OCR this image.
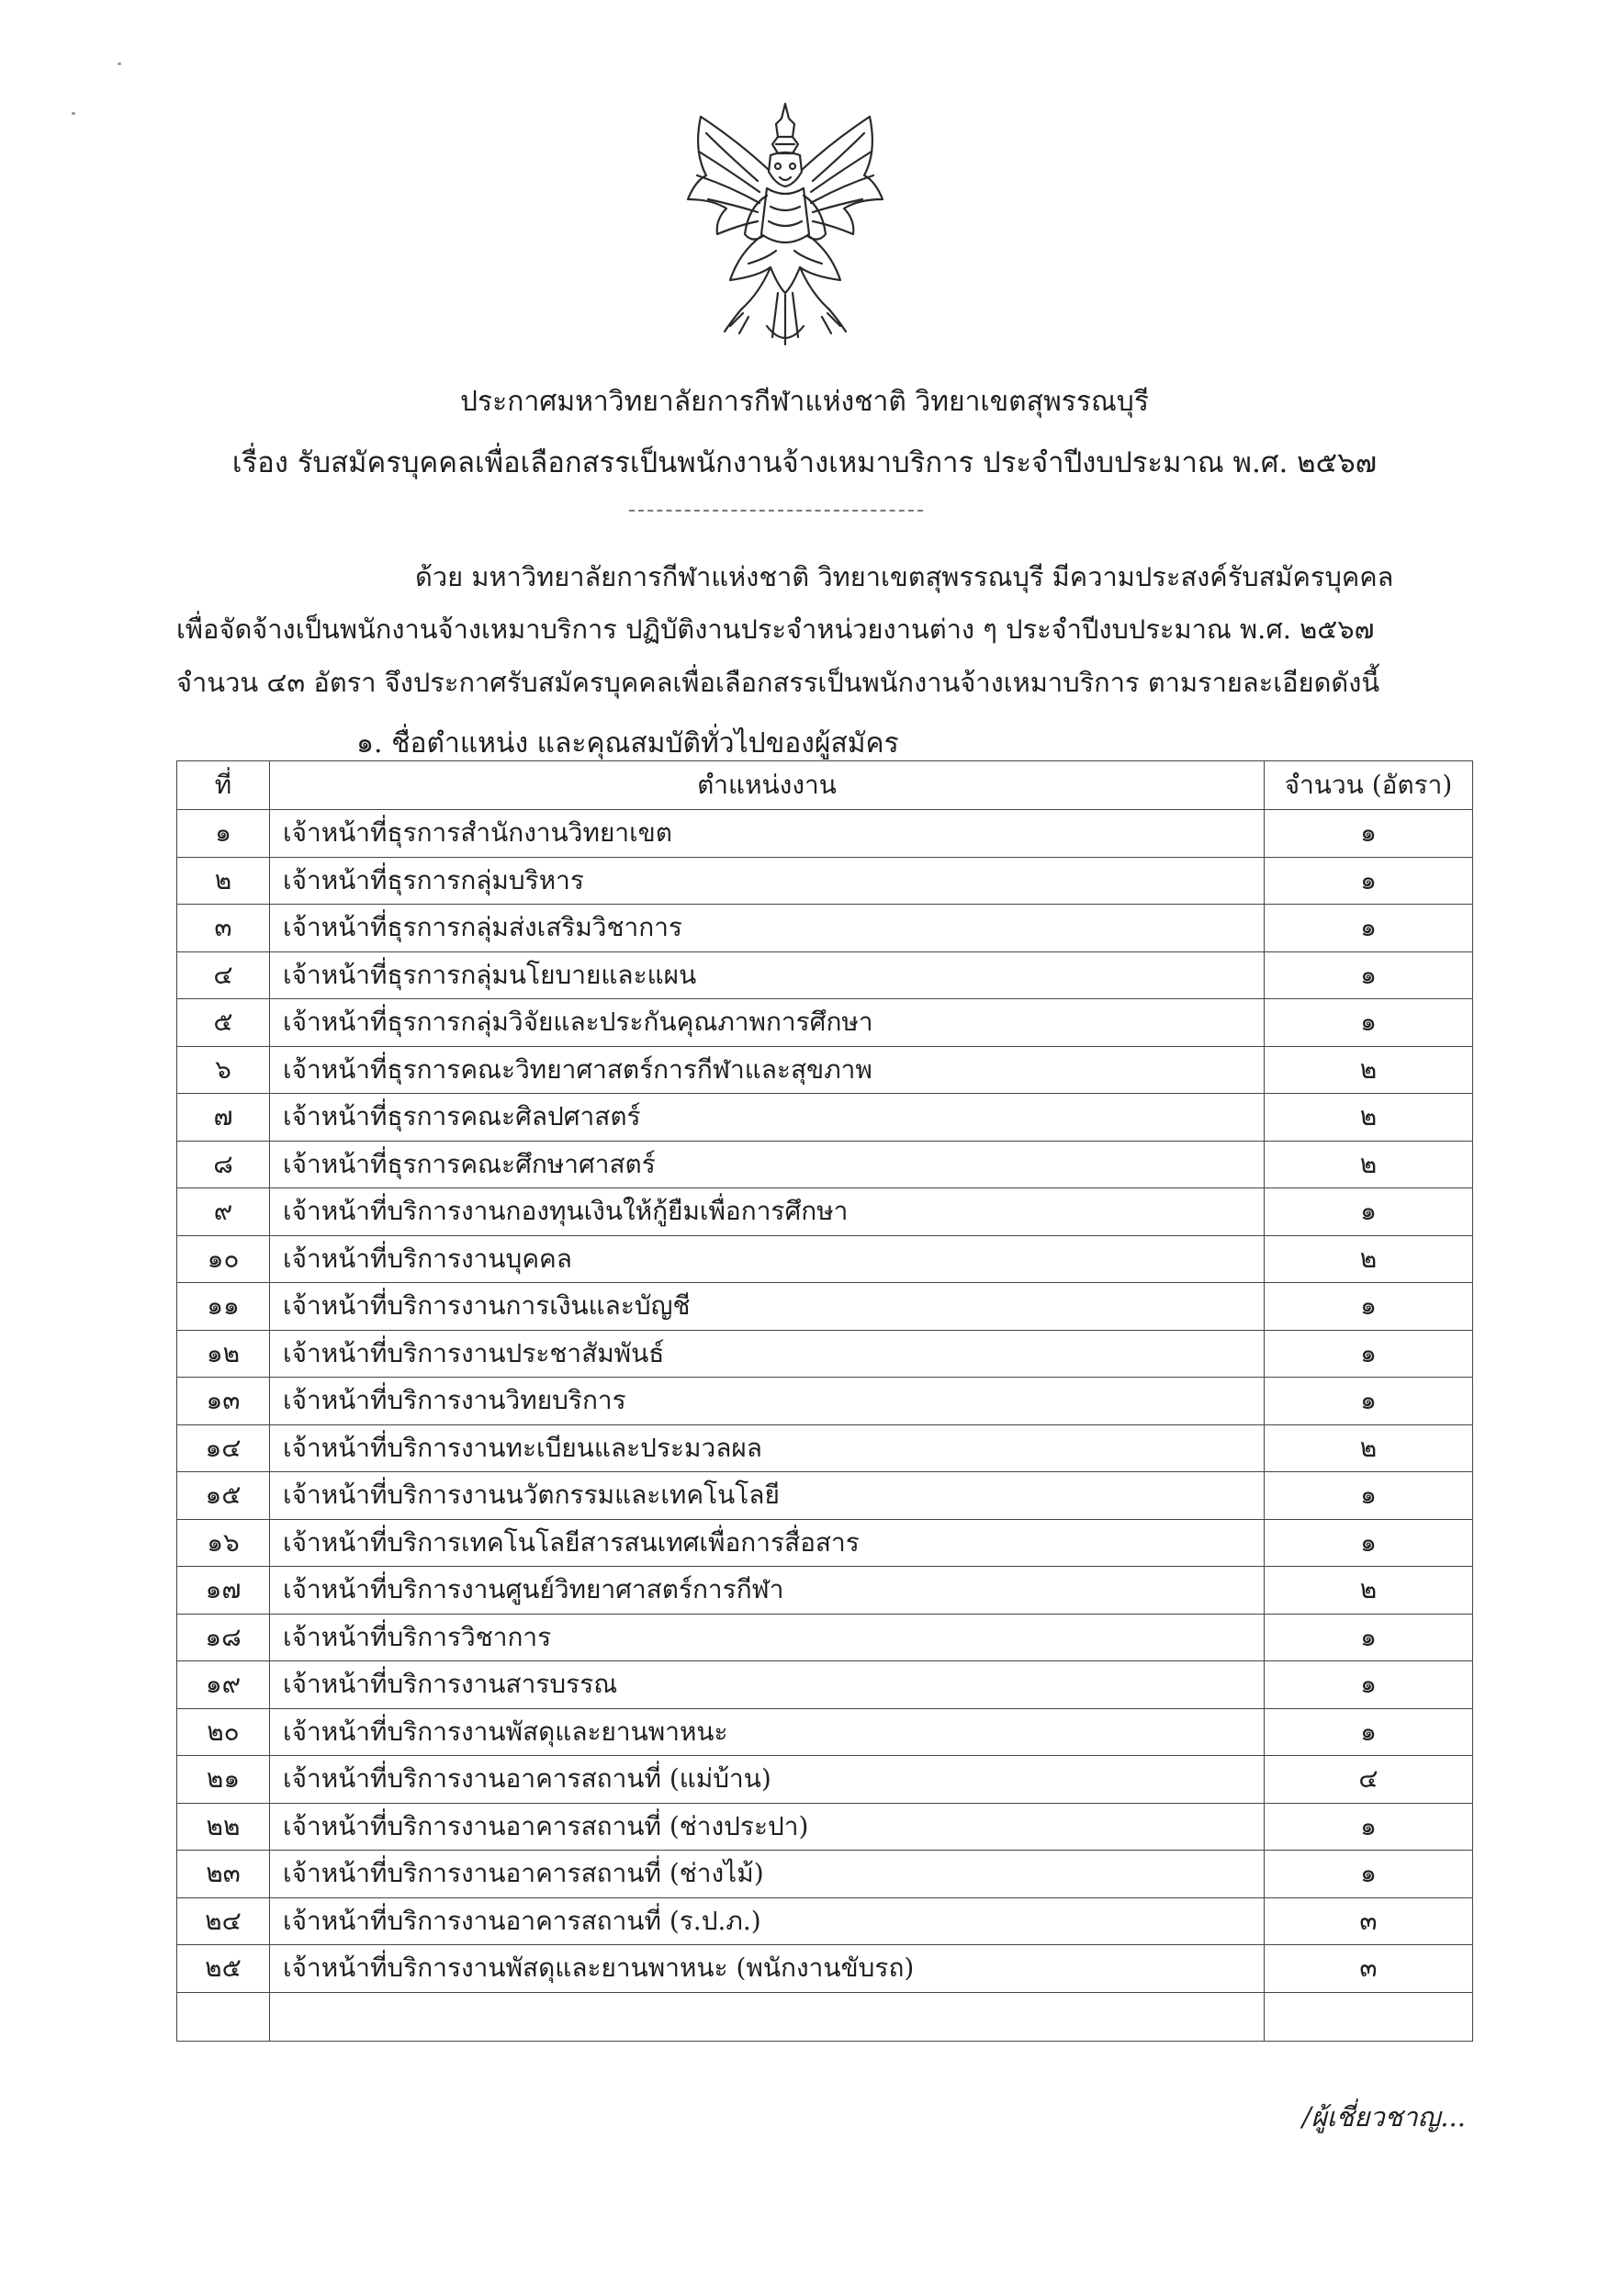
ประกาศมหาวิทยาลัยการกีฬาแห่งชาติ วิทยาเขตสุพรรณบุรี
เรื่อง รับสมัครบุคคลเพื่อเลือกสรรเป็นพนักงานจ้างเหมาบริการ ประจำปีงบประมาณ พ.ศ. ๒๕๖๗
ด้วย มหาวิทยาลัยการกีฬาแห่งชาติ วิทยาเขตสุพรรณบุรี มีความประสงค์รับสมัครบุคคล
เพื่อจัดจ้างเป็นพนักงานจ้างเหมาบริการ ปฏิบัติงานประจำหน่วยงานต่าง ๆ ประจำปีงบประมาณ พ.ศ. ๒๕๖๗
จำนวน ๔๓ อัตรา จึงประกาศรับสมัครบุคคลเพื่อเลือกสรรเป็นพนักงานจ้างเหมาบริการ ตามรายละเอียดดังนี้
๑. ชื่อตำแหน่ง และคุณสมบัติทั่วไปของผู้สมัคร
ที่	ตำแหน่งงาน	จำนวน (อัตรา)
๑	เจ้าหน้าที่ธุรการสำนักงานวิทยาเขต	๑
๒	เจ้าหน้าที่ธุรการกลุ่มบริหาร	๑
๓	เจ้าหน้าที่ธุรการกลุ่มส่งเสริมวิชาการ	๑
๔	เจ้าหน้าที่ธุรการกลุ่มนโยบายและแผน	๑
๕	เจ้าหน้าที่ธุรการกลุ่มวิจัยและประกันคุณภาพการศึกษา	๑
๖	เจ้าหน้าที่ธุรการคณะวิทยาศาสตร์การกีฬาและสุขภาพ	๒
๗	เจ้าหน้าที่ธุรการคณะศิลปศาสตร์	๒
๘	เจ้าหน้าที่ธุรการคณะศึกษาศาสตร์	๒
๙	เจ้าหน้าที่บริการงานกองทุนเงินให้กู้ยืมเพื่อการศึกษา	๑
๑๐	เจ้าหน้าที่บริการงานบุคคล	๒
๑๑	เจ้าหน้าที่บริการงานการเงินและบัญชี	๑
๑๒	เจ้าหน้าที่บริการงานประชาสัมพันธ์	๑
๑๓	เจ้าหน้าที่บริการงานวิทยบริการ	๑
๑๔	เจ้าหน้าที่บริการงานทะเบียนและประมวลผล	๒
๑๕	เจ้าหน้าที่บริการงานนวัตกรรมและเทคโนโลยี	๑
๑๖	เจ้าหน้าที่บริการเทคโนโลยีสารสนเทศเพื่อการสื่อสาร	๑
๑๗	เจ้าหน้าที่บริการงานศูนย์วิทยาศาสตร์การกีฬา	๒
๑๘	เจ้าหน้าที่บริการวิชาการ	๑
๑๙	เจ้าหน้าที่บริการงานสารบรรณ	๑
๒๐	เจ้าหน้าที่บริการงานพัสดุและยานพาหนะ	๑
๒๑	เจ้าหน้าที่บริการงานอาคารสถานที่ (แม่บ้าน)	๔
๒๒	เจ้าหน้าที่บริการงานอาคารสถานที่ (ช่างประปา)	๑
๒๓	เจ้าหน้าที่บริการงานอาคารสถานที่ (ช่างไม้)	๑
๒๔	เจ้าหน้าที่บริการงานอาคารสถานที่ (ร.ป.ภ.)	๓
๒๕	เจ้าหน้าที่บริการงานพัสดุและยานพาหนะ (พนักงานขับรถ)	๓

/ผู้เชี่ยวชาญ...
